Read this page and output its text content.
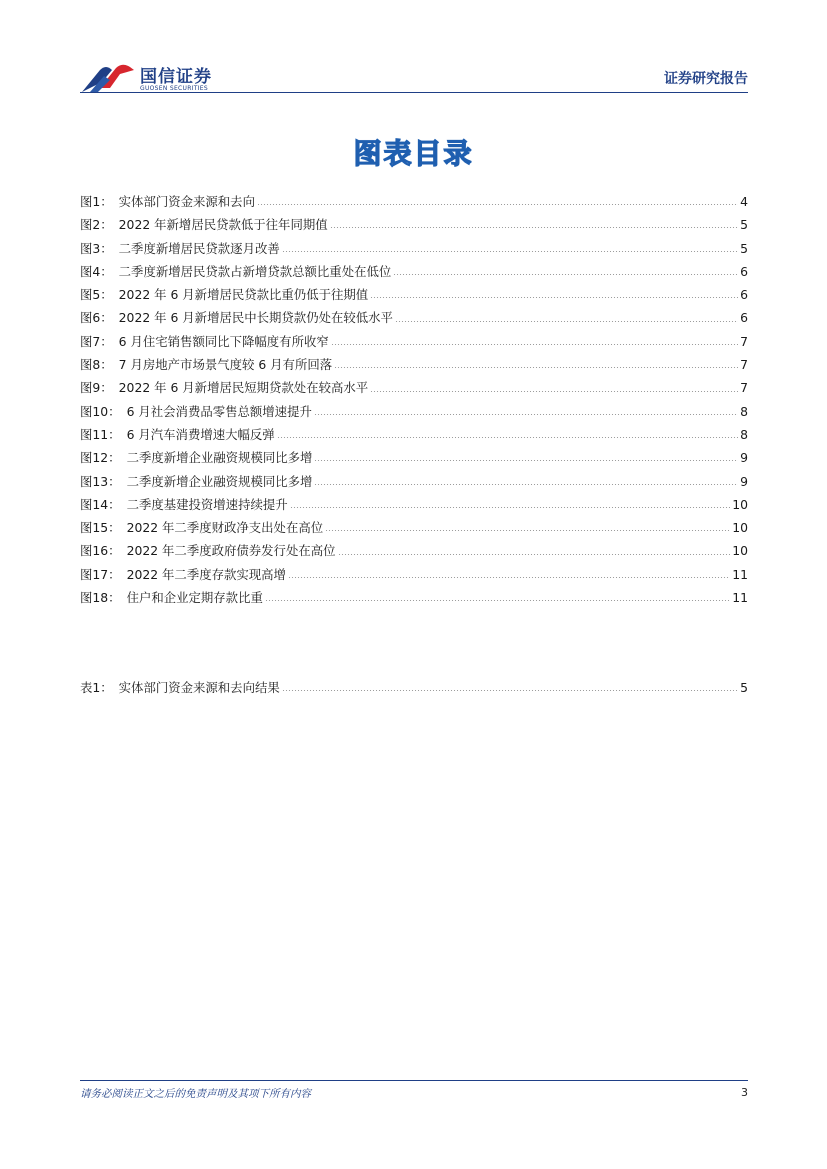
国信证券
GUOSEN SECURITIES
证券研究报告
图表目录
图1： 实体部门资金来源和去向	4
图2： 2022 年新增居民贷款低于往年同期值	5
图3： 二季度新增居民贷款逐月改善	5
图4： 二季度新增居民贷款占新增贷款总额比重处在低位	6
图5： 2022 年 6 月新增居民贷款比重仍低于往期值	6
图6： 2022 年 6 月新增居民中长期贷款仍处在较低水平	6
图7： 6 月住宅销售额同比下降幅度有所收窄	7
图8： 7 月房地产市场景气度较 6 月有所回落	7
图9： 2022 年 6 月新增居民短期贷款处在较高水平	7
图10： 6 月社会消费品零售总额增速提升	8
图11： 6 月汽车消费增速大幅反弹	8
图12： 二季度新增企业融资规模同比多增	9
图13： 二季度新增企业融资规模同比多增	9
图14： 二季度基建投资增速持续提升	10
图15： 2022 年二季度财政净支出处在高位	10
图16： 2022 年二季度政府债券发行处在高位	10
图17： 2022 年二季度存款实现高增	11
图18： 住户和企业定期存款比重	11
表1： 实体部门资金来源和去向结果	5
请务必阅读正文之后的免责声明及其项下所有内容	3
